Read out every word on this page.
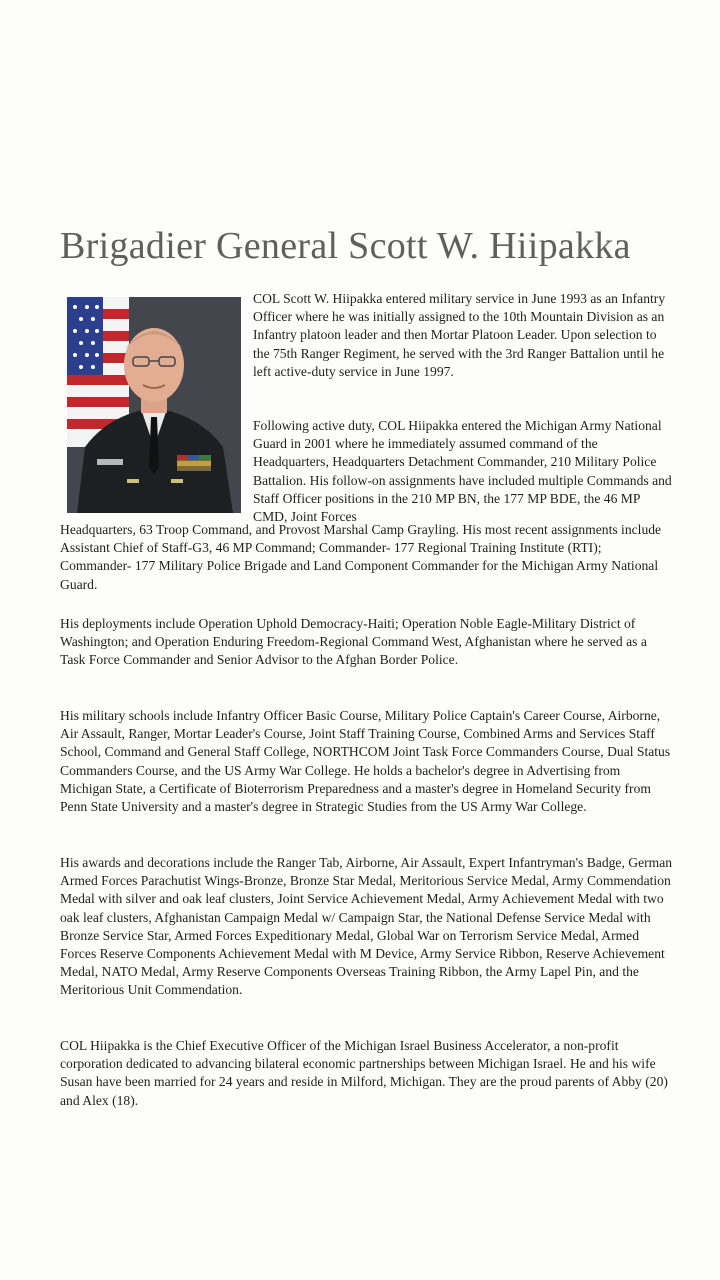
Brigadier General Scott W. Hiipakka

COL Scott W. Hiipakka entered military service in June 1993 as an Infantry Officer where he was initially assigned to the 10th Mountain Division as an Infantry platoon leader and then Mortar Platoon Leader. Upon selection to the 75th Ranger Regiment, he served with the 3rd Ranger Battalion until he left active-duty service in June 1997.

Following active duty, COL Hiipakka entered the Michigan Army National Guard in 2001 where he immediately assumed command of the Headquarters, Headquarters Detachment Commander, 210 Military Police Battalion. His follow-on assignments have included multiple Commands and Staff Officer positions in the 210 MP BN, the 177 MP BDE, the 46 MP CMD, Joint Forces

Headquarters, 63 Troop Command, and Provost Marshal Camp Grayling. His most recent assignments include Assistant Chief of Staff-G3, 46 MP Command; Commander- 177 Regional Training Institute (RTI); Commander- 177 Military Police Brigade and Land Component Commander for the Michigan Army National Guard.

His deployments include Operation Uphold Democracy-Haiti; Operation Noble Eagle-Military District of Washington; and Operation Enduring Freedom-Regional Command West, Afghanistan where he served as a Task Force Commander and Senior Advisor to the Afghan Border Police.

His military schools include Infantry Officer Basic Course, Military Police Captain's Career Course, Airborne, Air Assault, Ranger, Mortar Leader's Course, Joint Staff Training Course, Combined Arms and Services Staff School, Command and General Staff College, NORTHCOM Joint Task Force Commanders Course, Dual Status Commanders Course, and the US Army War College. He holds a bachelor's degree in Advertising from Michigan State, a Certificate of Bioterrorism Preparedness and a master's degree in Homeland Security from Penn State University and a master's degree in Strategic Studies from the US Army War College.

His awards and decorations include the Ranger Tab, Airborne, Air Assault, Expert Infantryman's Badge, German Armed Forces Parachutist Wings-Bronze, Bronze Star Medal, Meritorious Service Medal, Army Commendation Medal with silver and oak leaf clusters, Joint Service Achievement Medal, Army Achievement Medal with two oak leaf clusters, Afghanistan Campaign Medal w/ Campaign Star, the National Defense Service Medal with Bronze Service Star, Armed Forces Expeditionary Medal, Global War on Terrorism Service Medal, Armed Forces Reserve Components Achievement Medal with M Device, Army Service Ribbon, Reserve Achievement Medal, NATO Medal, Army Reserve Components Overseas Training Ribbon, the Army Lapel Pin, and the Meritorious Unit Commendation.

COL Hiipakka is the Chief Executive Officer of the Michigan Israel Business Accelerator, a non-profit corporation dedicated to advancing bilateral economic partnerships between Michigan Israel. He and his wife Susan have been married for 24 years and reside in Milford, Michigan. They are the proud parents of Abby (20) and Alex (18).
